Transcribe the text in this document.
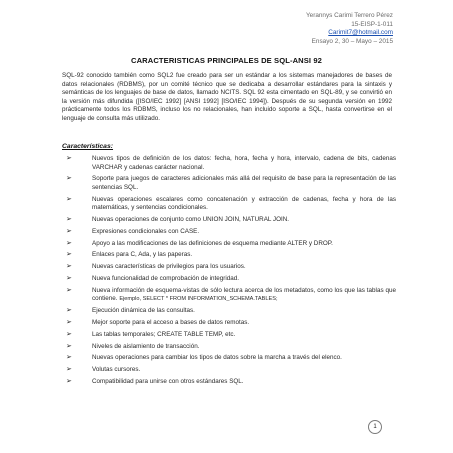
Yerannys Carimi Terrero Pérez
15-EISP-1-011
Carimit7@hotmail.com
Ensayo 2, 30 – Mayo – 2015
CARACTERISTICAS PRINCIPALES DE SQL-ANSI 92
SQL-92 conocido también como SQL2 fue creado para ser un estándar a los sistemas manejadores de bases de datos relacionales (RDBMS), por un comité técnico que se dedicaba a desarrollar estándares para la sintaxis y semánticas de los lenguajes de base de datos, llamado NCITS. SQL 92 esta cimentado en SQL-89, y se convirtió en la versión más difundida ([ISO/IEC 1992] [ANSI 1992] [ISO/IEC 1994]). Después de su segunda versión en 1992 prácticamente todos los RDBMS, incluso los no relacionales, han incluido soporte a SQL, hasta convertirse en el lenguaje de consulta más utilizado.
Características:
➢	Nuevos tipos de definición de los datos: fecha, hora, fecha y hora, intervalo, cadena de bits, cadenas VARCHAR y cadenas carácter nacional.
➢	Soporte para juegos de caracteres adicionales más allá del requisito de base para la representación de las sentencias SQL.
➢	Nuevas operaciones escalares como concatenación y extracción de cadenas, fecha y hora de las matemáticas, y sentencias condicionales.
➢	Nuevas operaciones de conjunto como UNION JOIN, NATURAL JOIN.
➢	Expresiones condicionales con CASE.
➢	Apoyo a las modificaciones de las definiciones de esquema mediante ALTER y DROP.
➢	Enlaces para C, Ada, y las paperas.
➢	Nuevas características de privilegios para los usuarios.
➢	Nueva funcionalidad de comprobación de integridad.
➢	Nueva información de esquema-vistas de sólo lectura acerca de los metadatos, como los que las tablas que contiene. Ejemplo, SELECT * FROM INFORMATION_SCHEMA.TABLES;
➢	Ejecución dinámica de las consultas.
➢	Mejor soporte para el acceso a bases de datos remotas.
➢	Las tablas temporales; CREATE TABLE TEMP, etc.
➢	Niveles de aislamiento de transacción.
➢	Nuevas operaciones para cambiar los tipos de datos sobre la marcha a través del elenco.
➢	Volutas cursores.
➢	Compatibilidad para unirse con otros estándares SQL.
1
